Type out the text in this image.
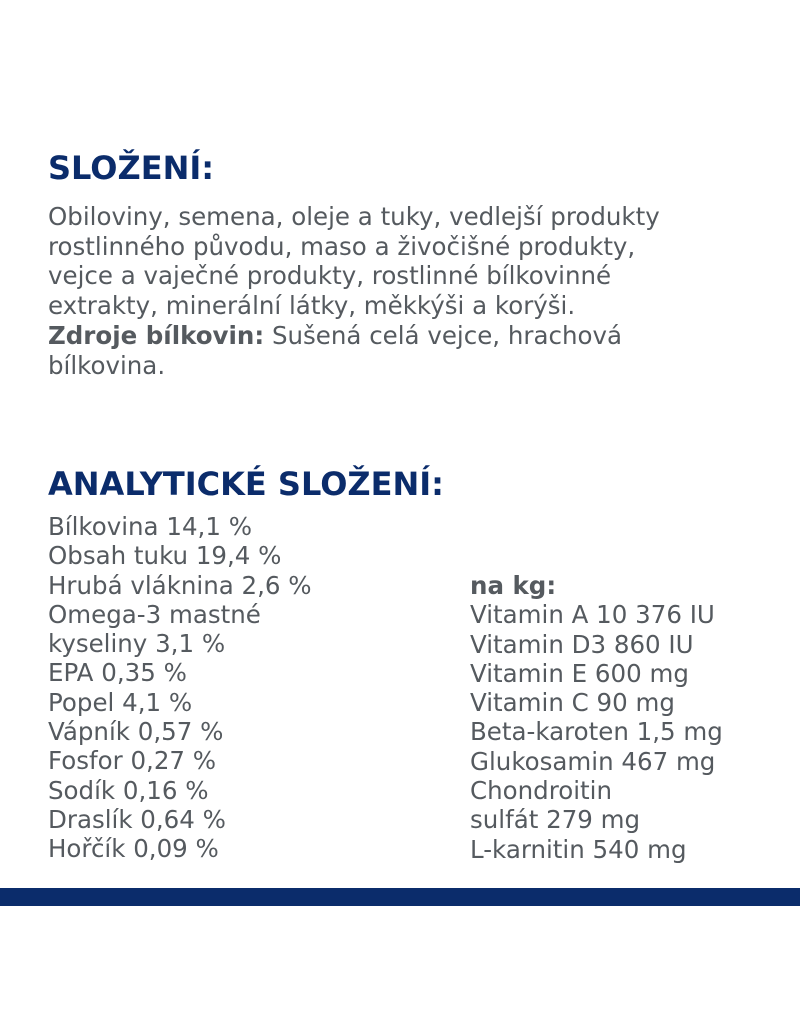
SLOŽENÍ:

Obiloviny, semena, oleje a tuky, vedlejší produkty
rostlinného původu, maso a živočišné produkty,
vejce a vaječné produkty, rostlinné bílkovinné
extrakty, minerální látky, měkkýši a korýši.
Zdroje bílkovin: Sušená celá vejce, hrachová
bílkovina.

ANALYTICKÉ SLOŽENÍ:
Bílkovina 14,1 %
Obsah tuku 19,4 %
Hrubá vláknina 2,6 %
Omega-3 mastné
kyseliny 3,1 %
EPA 0,35 %
Popel 4,1 %
Vápník 0,57 %
Fosfor 0,27 %
Sodík 0,16 %
Draslík 0,64 %
Hořčík 0,09 %
na kg:
Vitamin A 10 376 IU
Vitamin D3 860 IU
Vitamin E 600 mg
Vitamin C 90 mg
Beta-karoten 1,5 mg
Glukosamin 467 mg
Chondroitin
sulfát 279 mg
L-karnitin 540 mg
